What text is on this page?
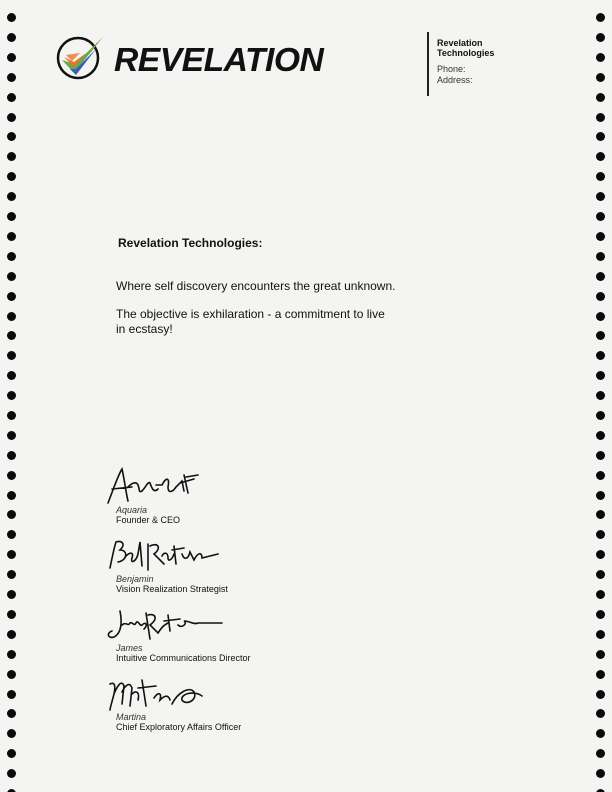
REVELATION	Revelation Technologies
Phone:
Address:
Revelation Technologies:
Where self discovery encounters the great unknown.
The objective is exhilaration - a commitment to live in ecstasy!
Aquaria
Founder & CEO
Benjamin
Vision Realization Strategist
James
Intuitive Communications Director
Martina
Chief Exploratory Affairs Officer
